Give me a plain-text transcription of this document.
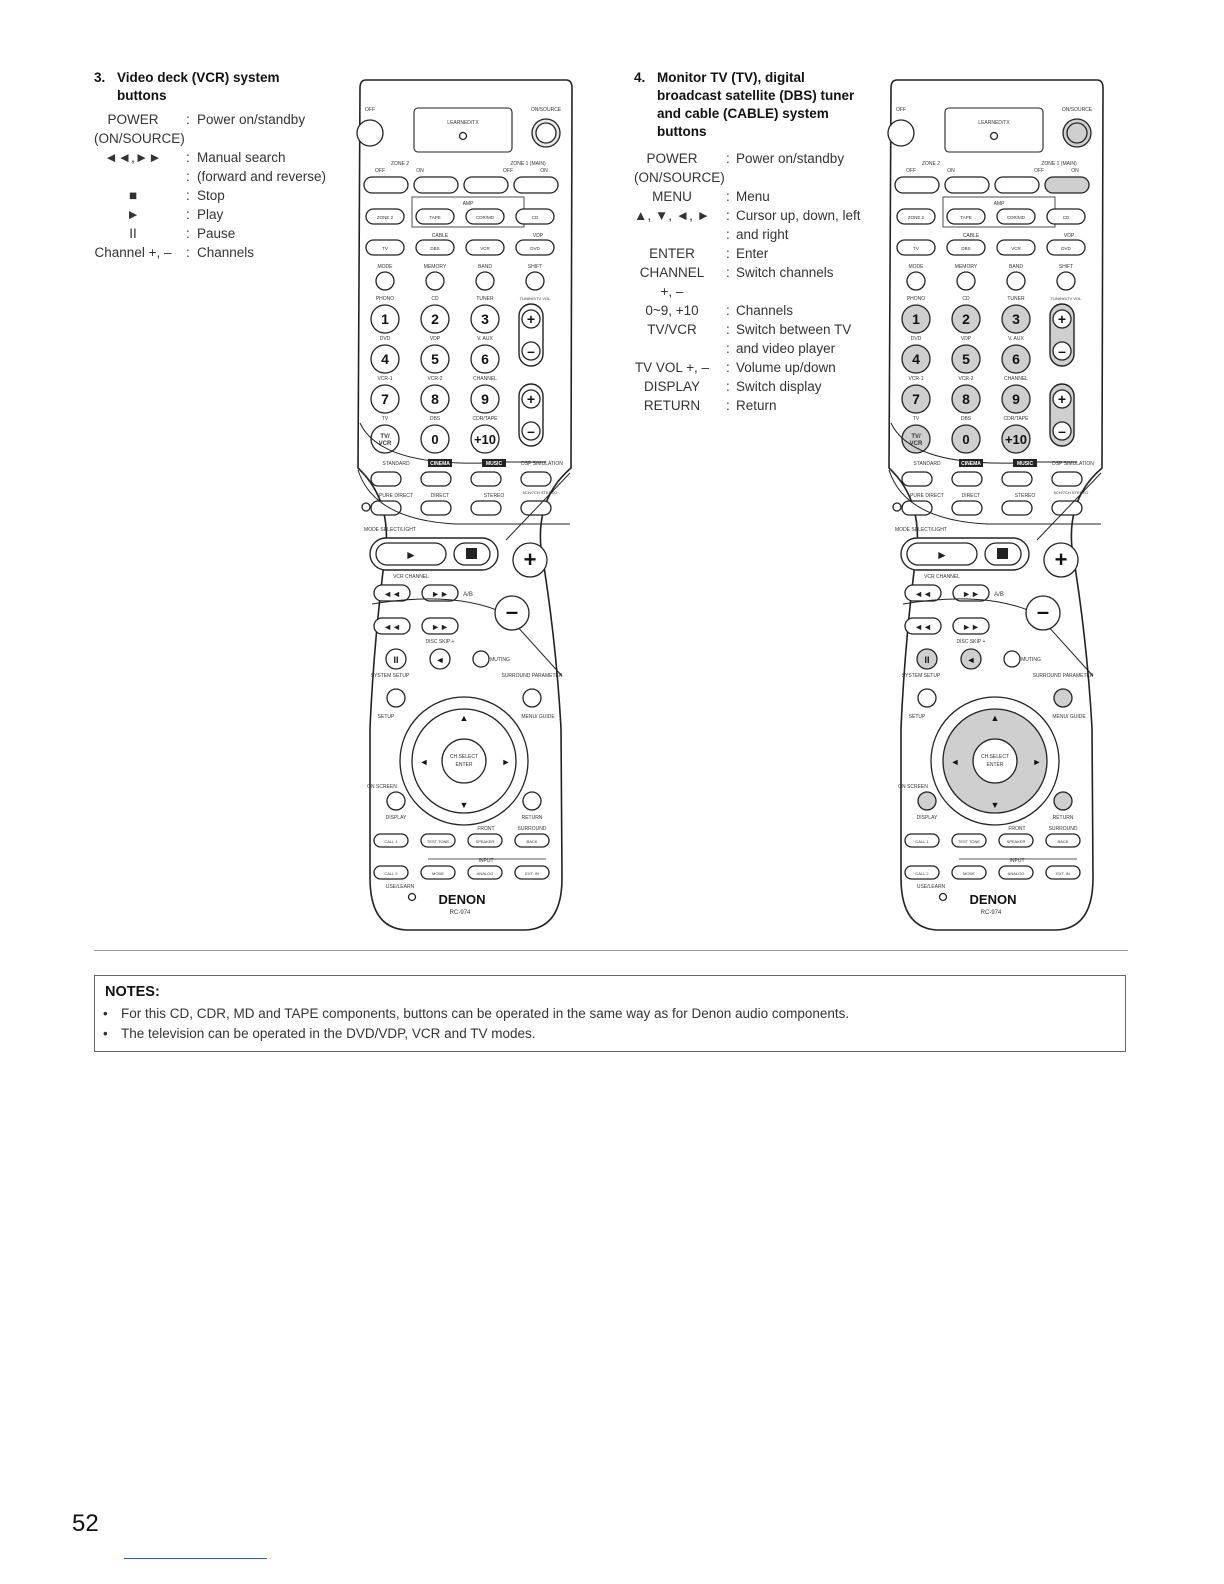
3. Video deck (VCR) system
buttons
POWER	: Power on/standby
(ON/SOURCE)
◄◄,►►	: Manual search
: (forward and reverse)
■	: Stop
►	: Play
II	: Pause
Channel +, – : Channels
4. Monitor TV (TV), digital
broadcast satellite (DBS) tuner
and cable (CABLE) system
buttons
POWER	: Power on/standby
(ON/SOURCE)
MENU	: Menu
▲, ▼, ◄, ► : Cursor up, down, left
: and right
ENTER	: Enter
CHANNEL	: Switch channels
+, –
0~9, +10	: Channels
TV/VCR	: Switch between TV
: and video player
TV VOL +, – : Volume up/down
DISPLAY	: Switch display
RETURN	: Return
OFF	ON/SOURCE
LEARNED/TX
ZONE 2	ZONE 1 (MAIN)
OFF	ON	OFF	ON
AMP
ZONE 2	TAPE	CDR/MD	CD
CABLE	VDP
TV	DBS	VCR	DVD
MODE	MEMORY	BAND	SHIFT
PHONO	CD	TUNER	TUNING/TV VOL
1	2	3
DVD	VDP	V. AUX
4	5	6
VCR-1	VCR-2	CHANNEL
7	8	9
TV	DBS	CDR/TAPE
TV/
VCR	0	+10
+
–
+
–
STANDARD	CINEMA	MUSIC	DSP SIMULATION
PURE DIRECT	DIRECT	STEREO
5CH/7CH STEREO
MODE SELECT/LIGHT
►	+
VCR CHANNEL
◄◄	►► A/B
–
◄◄	►►
DISC SKIP +
II	◄	MUTING
SYSTEM SETUP	SURROUND PARAMETER
SETUP	MENU/ GUIDE
CH.SELECT
ENTER
▲
▼
◄	►
ON SCREEN
DISPLAY	RETURN
FRONT	SURROUND
CALL 1	TEST TONE	SPEAKER	BACK
INPUT
CALL 2	MODE	ANALOG	EXT. IN
USE/LEARN
DENON
RC-974
OFF	ON/SOURCE
LEARNED/TX
ZONE 2	ZONE 1 (MAIN)
OFF	ON	OFF	ON
AMP
ZONE 2	TAPE	CDR/MD	CD
CABLE	VDP
TV	DBS	VCR	DVD
MODE	MEMORY	BAND	SHIFT
PHONO	CD	TUNER	TUNING/TV VOL
1	2	3
DVD	VDP	V. AUX
4	5	6
VCR-1	VCR-2	CHANNEL
7	8	9
TV	DBS	CDR/TAPE
TV/
VCR	0	+10
+
–
+
–
STANDARD	CINEMA	MUSIC	DSP SIMULATION
PURE DIRECT	DIRECT	STEREO
5CH/7CH STEREO
MODE SELECT/LIGHT
►	+
VCR CHANNEL
◄◄	►► A/B
–
◄◄	►►
DISC SKIP +
II	◄	MUTING
SYSTEM SETUP	SURROUND PARAMETER
SETUP	MENU/ GUIDE
CH.SELECT
ENTER
▲
▼
◄	►
ON SCREEN
DISPLAY	RETURN
FRONT	SURROUND
CALL 1	TEST TONE	SPEAKER	BACK
INPUT
CALL 2	MODE	ANALOG	EXT. IN
USE/LEARN
DENON
RC-974
NOTES:
• For this CD, CDR, MD and TAPE components, buttons can be operated in the same way as for Denon audio components.
• The television can be operated in the DVD/VDP, VCR and TV modes.
52
